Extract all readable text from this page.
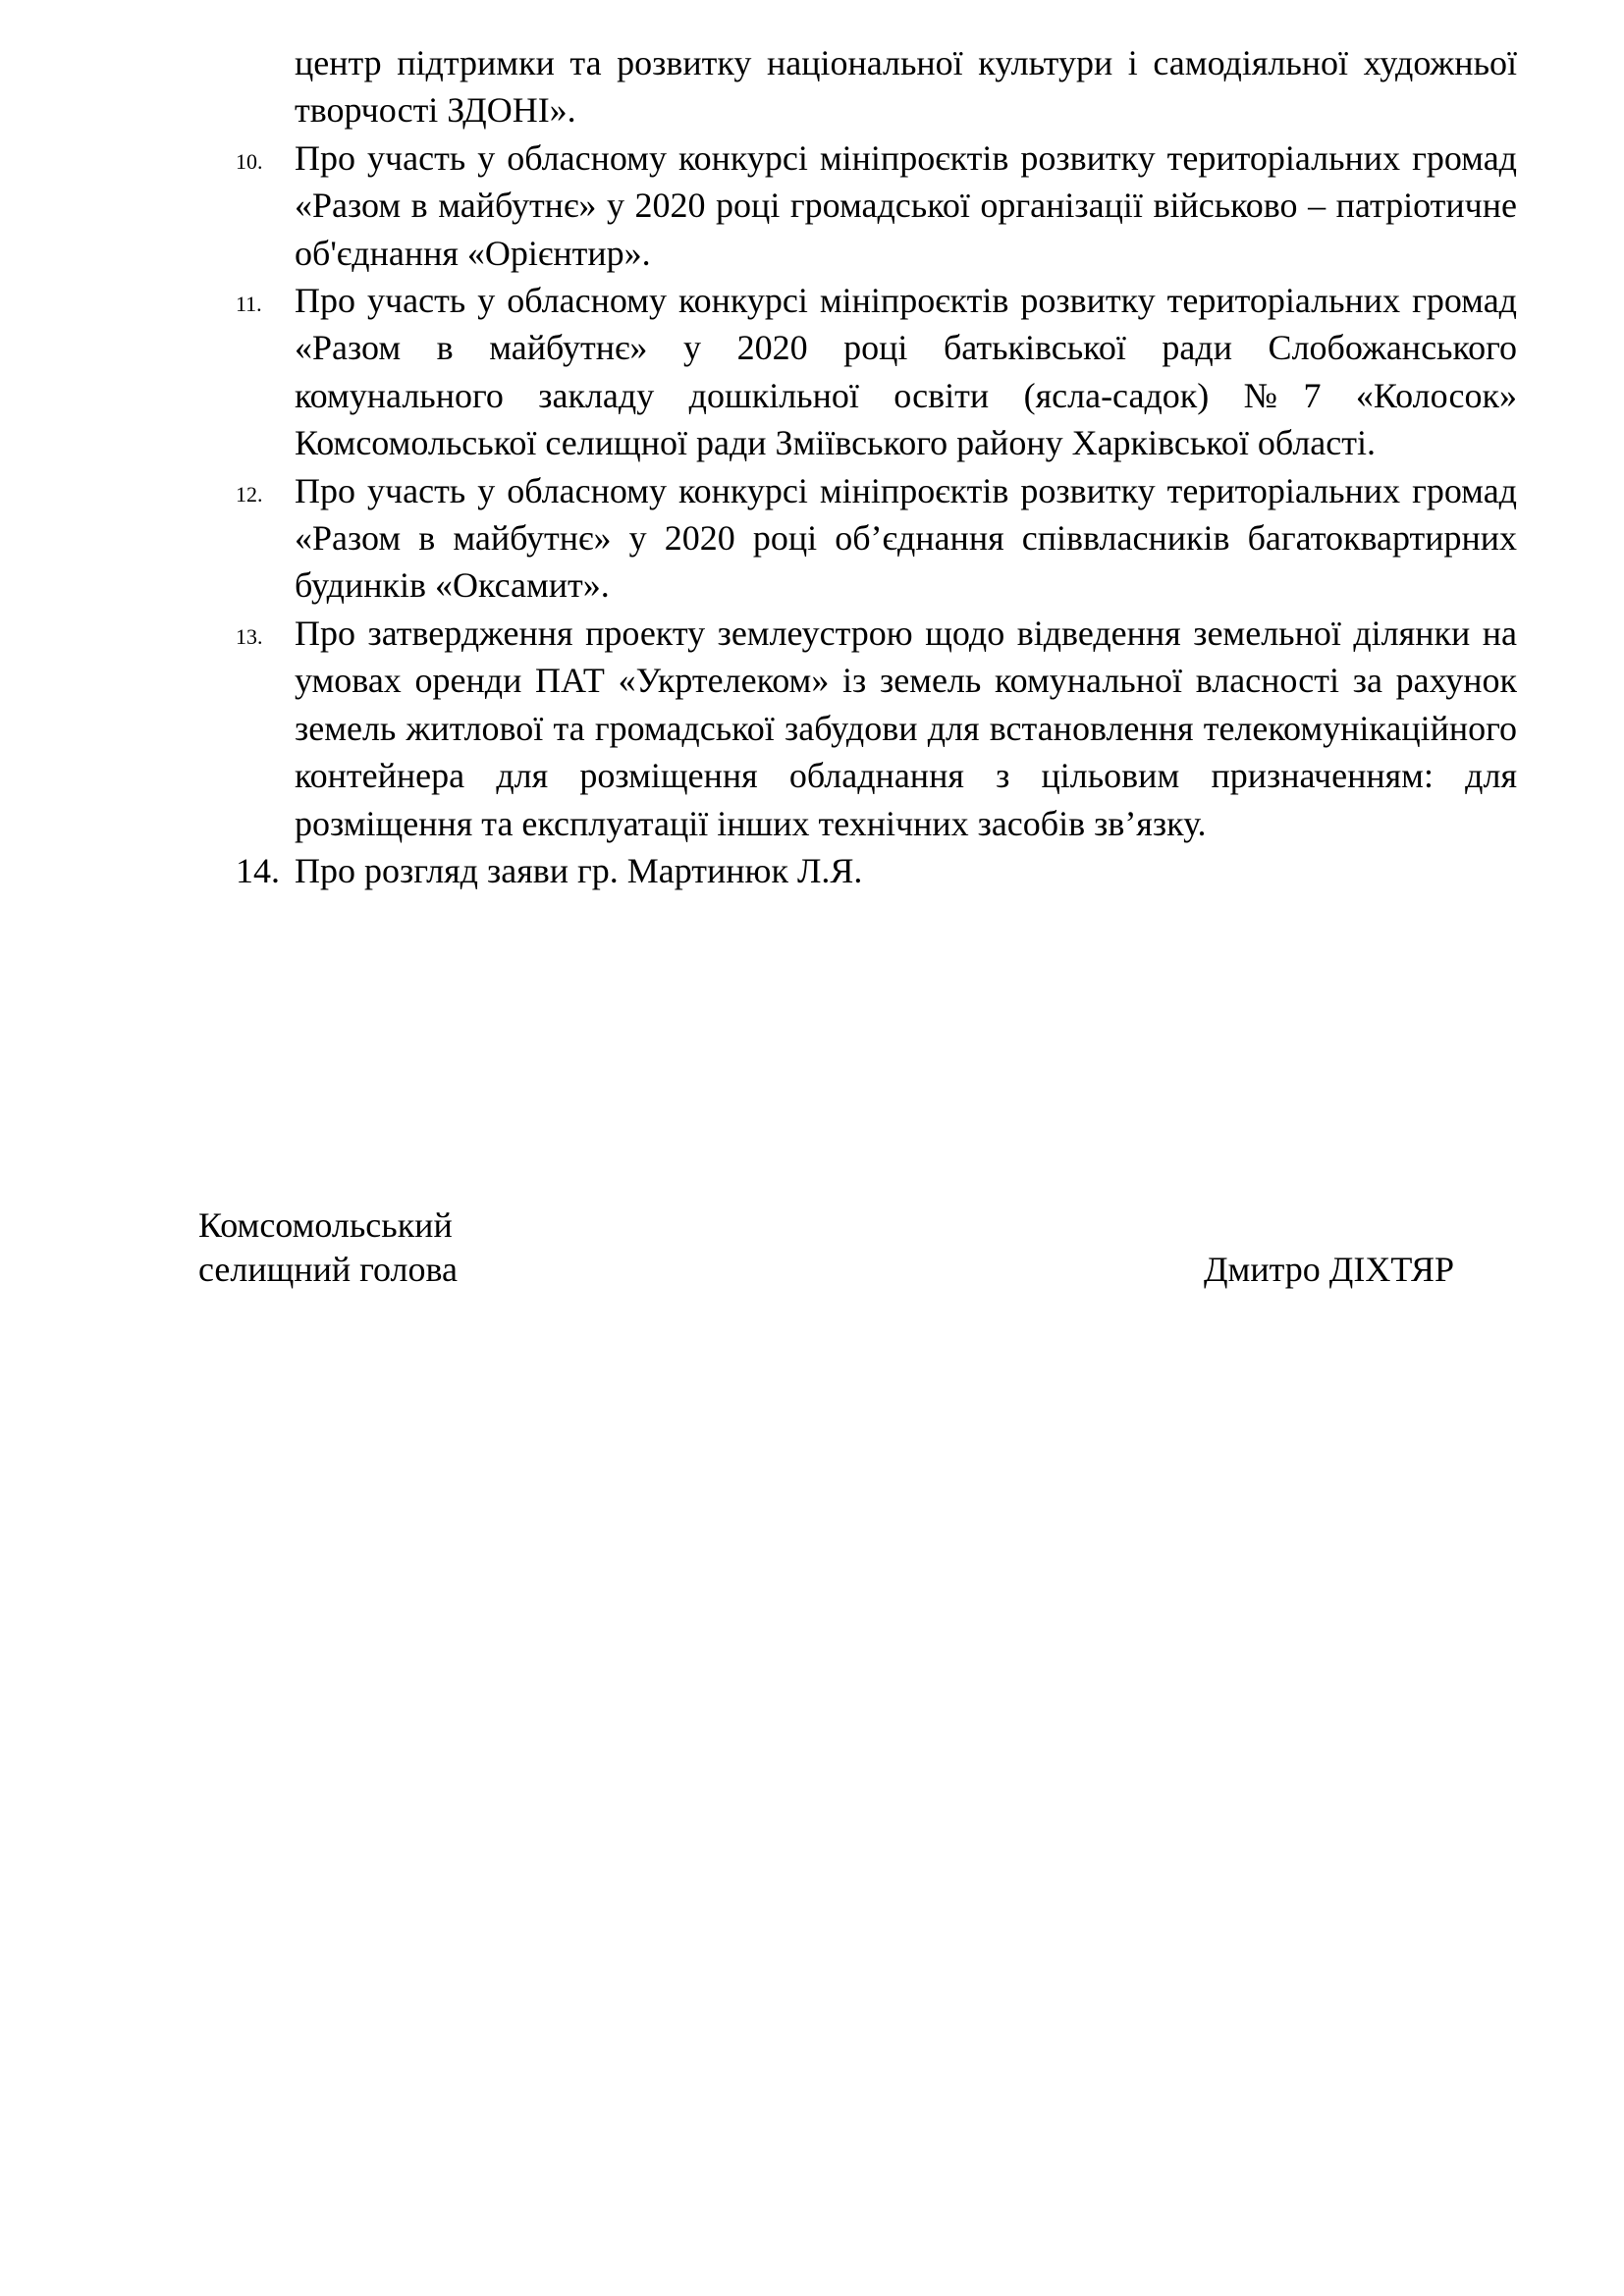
центр підтримки та розвитку національної культури і самодіяльної художньої творчості ЗДОНІ».
10. Про участь у обласному конкурсі мініпроєктів розвитку територіальних громад «Разом в майбутнє» у 2020 році громадської організації військово – патріотичне об'єднання «Орієнтир».
11. Про участь у обласному конкурсі мініпроєктів розвитку територіальних громад «Разом в майбутнє» у 2020 році батьківської ради Слобожанського комунального закладу дошкільної освіти (ясла-садок) №7 «Колосок» Комсомольської селищної ради Зміївського району Харківської області.
12. Про участь у обласному конкурсі мініпроєктів розвитку територіальних громад «Разом в майбутнє» у 2020 році об’єднання співвласників багатоквартирних будинків «Оксамит».
13. Про затвердження проекту землеустрою щодо відведення земельної ділянки на умовах оренди ПАТ «Укртелеком» із земель комунальної власності за рахунок земель житлової та громадської забудови для встановлення телекомунікаційного контейнера для розміщення обладнання з цільовим призначенням: для розміщення та експлуатації інших технічних засобів зв’язку.
14. Про розгляд заяви гр. Мартинюк Л.Я.
Комсомольський
селищний голова	Дмитро ДІХТЯР
